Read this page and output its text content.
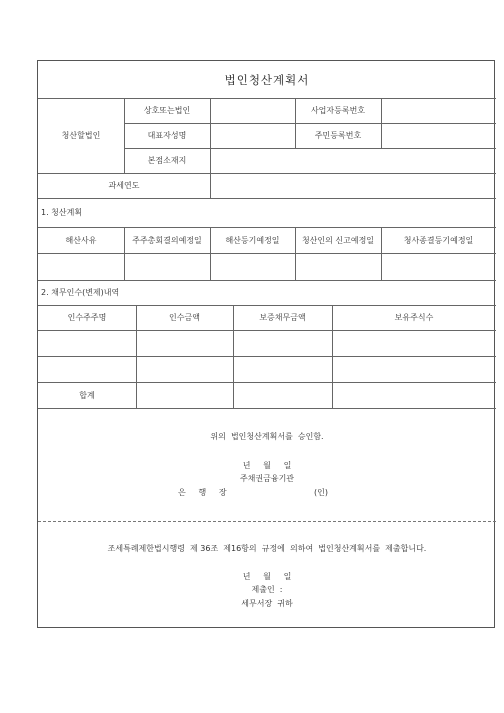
법인청산계획서
청산할법인
상호또는법인	사업자등록번호
대표자성명	주민등록번호
본점소재지
과세연도
1. 청산계획
해산사유	주주총회결의예정일	해산등기예정일	청산인의 신고예정일	청사종결등기예정일
2. 채무인수(변제)내역
인수주주명	인수금액	보증채무금액	보유주식수
합계
위의  법인청산계획서를  승인함.
년     월     일
주채권금융기관
은     행     장	(인)
조세특례제한법시행령  제 36조  제16항의  규정에  의하여  법인청산계획서를  제출합니다.
년     월     일
제출인  :
세무서장  귀하
